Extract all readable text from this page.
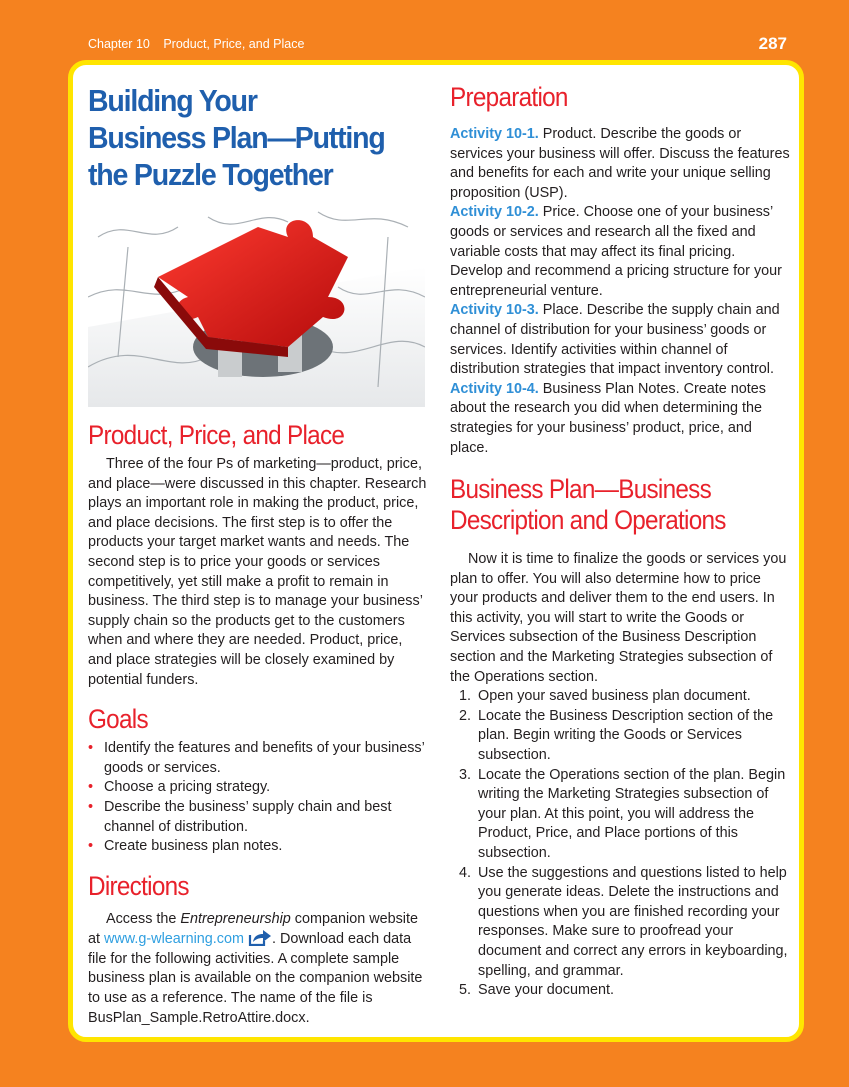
Chapter 10 Product, Price, and Place	287
Building Your
Business Plan—Putting
the Puzzle Together
Product, Price, and Place

Three of the four Ps of marketing—product, price, and place—were discussed in this chapter. Research plays an important role in making the product, price, and place decisions. The first step is to offer the products your target market wants and needs. The second step is to price your goods or services competitively, yet still make a profit to remain in business. The third step is to manage your business’ supply chain so the products get to the customers when and where they are needed. Product, price, and place strategies will be closely examined by potential funders.

Goals
• Identify the features and benefits of your business’ goods or services.
• Choose a pricing strategy.
• Describe the business’ supply chain and best channel of distribution.
• Create business plan notes.
Directions

Access the Entrepreneurship companion website at www.g-wlearning.com . Download each data file for the following activities. A complete sample business plan is available on the companion website to use as a reference. The name of the file is BusPlan_Sample.RetroAttire.docx.

Preparation

Activity 10-1. Product. Describe the goods or services your business will offer. Discuss the features and benefits for each and write your unique selling proposition (USP).

Activity 10-2. Price. Choose one of your business’ goods or services and research all the fixed and variable costs that may affect its final pricing. Develop and recommend a pricing structure for your entrepreneurial venture.

Activity 10-3. Place. Describe the supply chain and channel of distribution for your business’ goods or services. Identify activities within channel of distribution strategies that impact inventory control.

Activity 10-4. Business Plan Notes. Create notes about the research you did when determining the strategies for your business’ product, price, and place.

Business Plan—Business
Description and Operations

Now it is time to finalize the goods or services you plan to offer. You will also determine how to price your products and deliver them to the end users. In this activity, you will start to write the Goods or Services subsection of the Business Description section and the Marketing Strategies subsection of the Operations section.

1. Open your saved business plan document.
2. Locate the Business Description section of the plan. Begin writing the Goods or Services subsection.
3. Locate the Operations section of the plan. Begin writing the Marketing Strategies subsection of your plan. At this point, you will address the Product, Price, and Place portions of this subsection.
4. Use the suggestions and questions listed to help you generate ideas. Delete the instructions and questions when you are finished recording your responses. Make sure to proofread your document and correct any errors in keyboarding, spelling, and grammar.
5. Save your document.
